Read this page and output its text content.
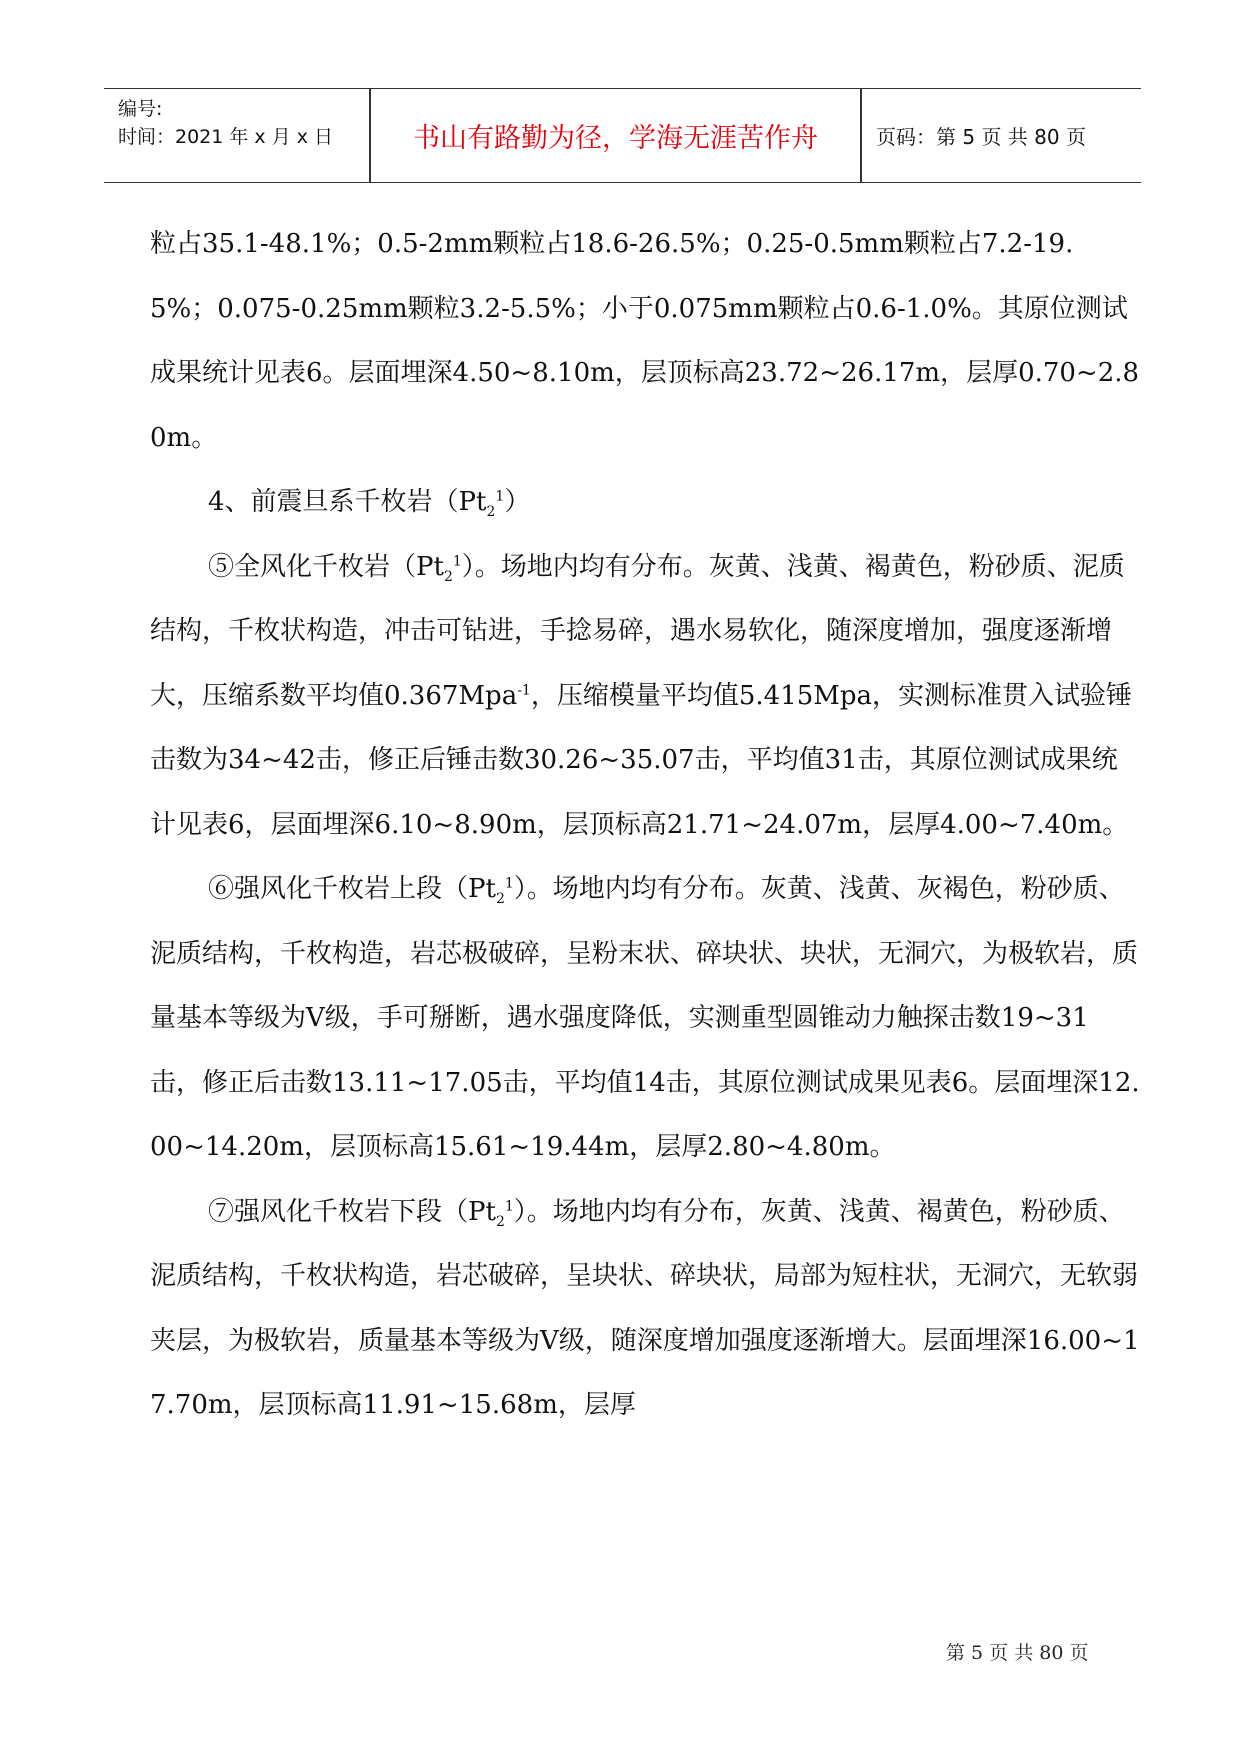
编号:
时间：2021 年 x 月 x 日	书山有路勤为径，学海无涯苦作舟	页码：第 5 页 共 80 页

粒占35.1-48.1%；0.5-2mm颗粒占18.6-26.5%；0.25-0.5mm颗粒占7.2-19.5%；0.075-0.25mm颗粒3.2-5.5%；小于0.075mm颗粒占0.6-1.0%。其原位测试成果统计见表6。层面埋深4.50~8.10m，层顶标高23.72~26.17m，层厚0.70~2.80m。

4、前震旦系千枚岩$(Pt_2^1)$

⑤全风化千枚岩$(Pt_2^1)$。场地内均有分布。灰黄、浅黄、褐黄色，粉砂质、泥质结构，千枚状构造，冲击可钻进，手捻易碎，遇水易软化，随深度增加，强度逐渐增大，压缩系数平均值0.367Mpa$^{-1}$，压缩模量平均值5.415Mpa，实测标准贯入试验锤击数为34~42击，修正后锤击数30.26~35.07击，平均值31击，其原位测试成果统计见表6，层面埋深6.10~8.90m，层顶标高21.71~24.07m，层厚4.00~7.40m。

⑥强风化千枚岩上段$(Pt_2^1)$。场地内均有分布。灰黄、浅黄、灰褐色，粉砂质、泥质结构，千枚构造，岩芯极破碎，呈粉末状、碎块状、块状，无洞穴，为极软岩，质量基本等级为V级，手可掰断，遇水强度降低，实测重型圆锥动力触探击数19~31击，修正后击数13.11~17.05击，平均值14击，其原位测试成果见表6。层面埋深12.00~14.20m，层顶标高15.61~19.44m，层厚2.80~4.80m。

⑦强风化千枚岩下段$(Pt_2^1)$。场地内均有分布，灰黄、浅黄、褐黄色，粉砂质、泥质结构，千枚状构造，岩芯破碎，呈块状、碎块状，局部为短柱状，无洞穴，无软弱夹层，为极软岩，质量基本等级为V级，随深度增加强度逐渐增大。层面埋深16.00~17.70m，层顶标高11.91~15.68m，层厚

第 5 页 共 80 页
